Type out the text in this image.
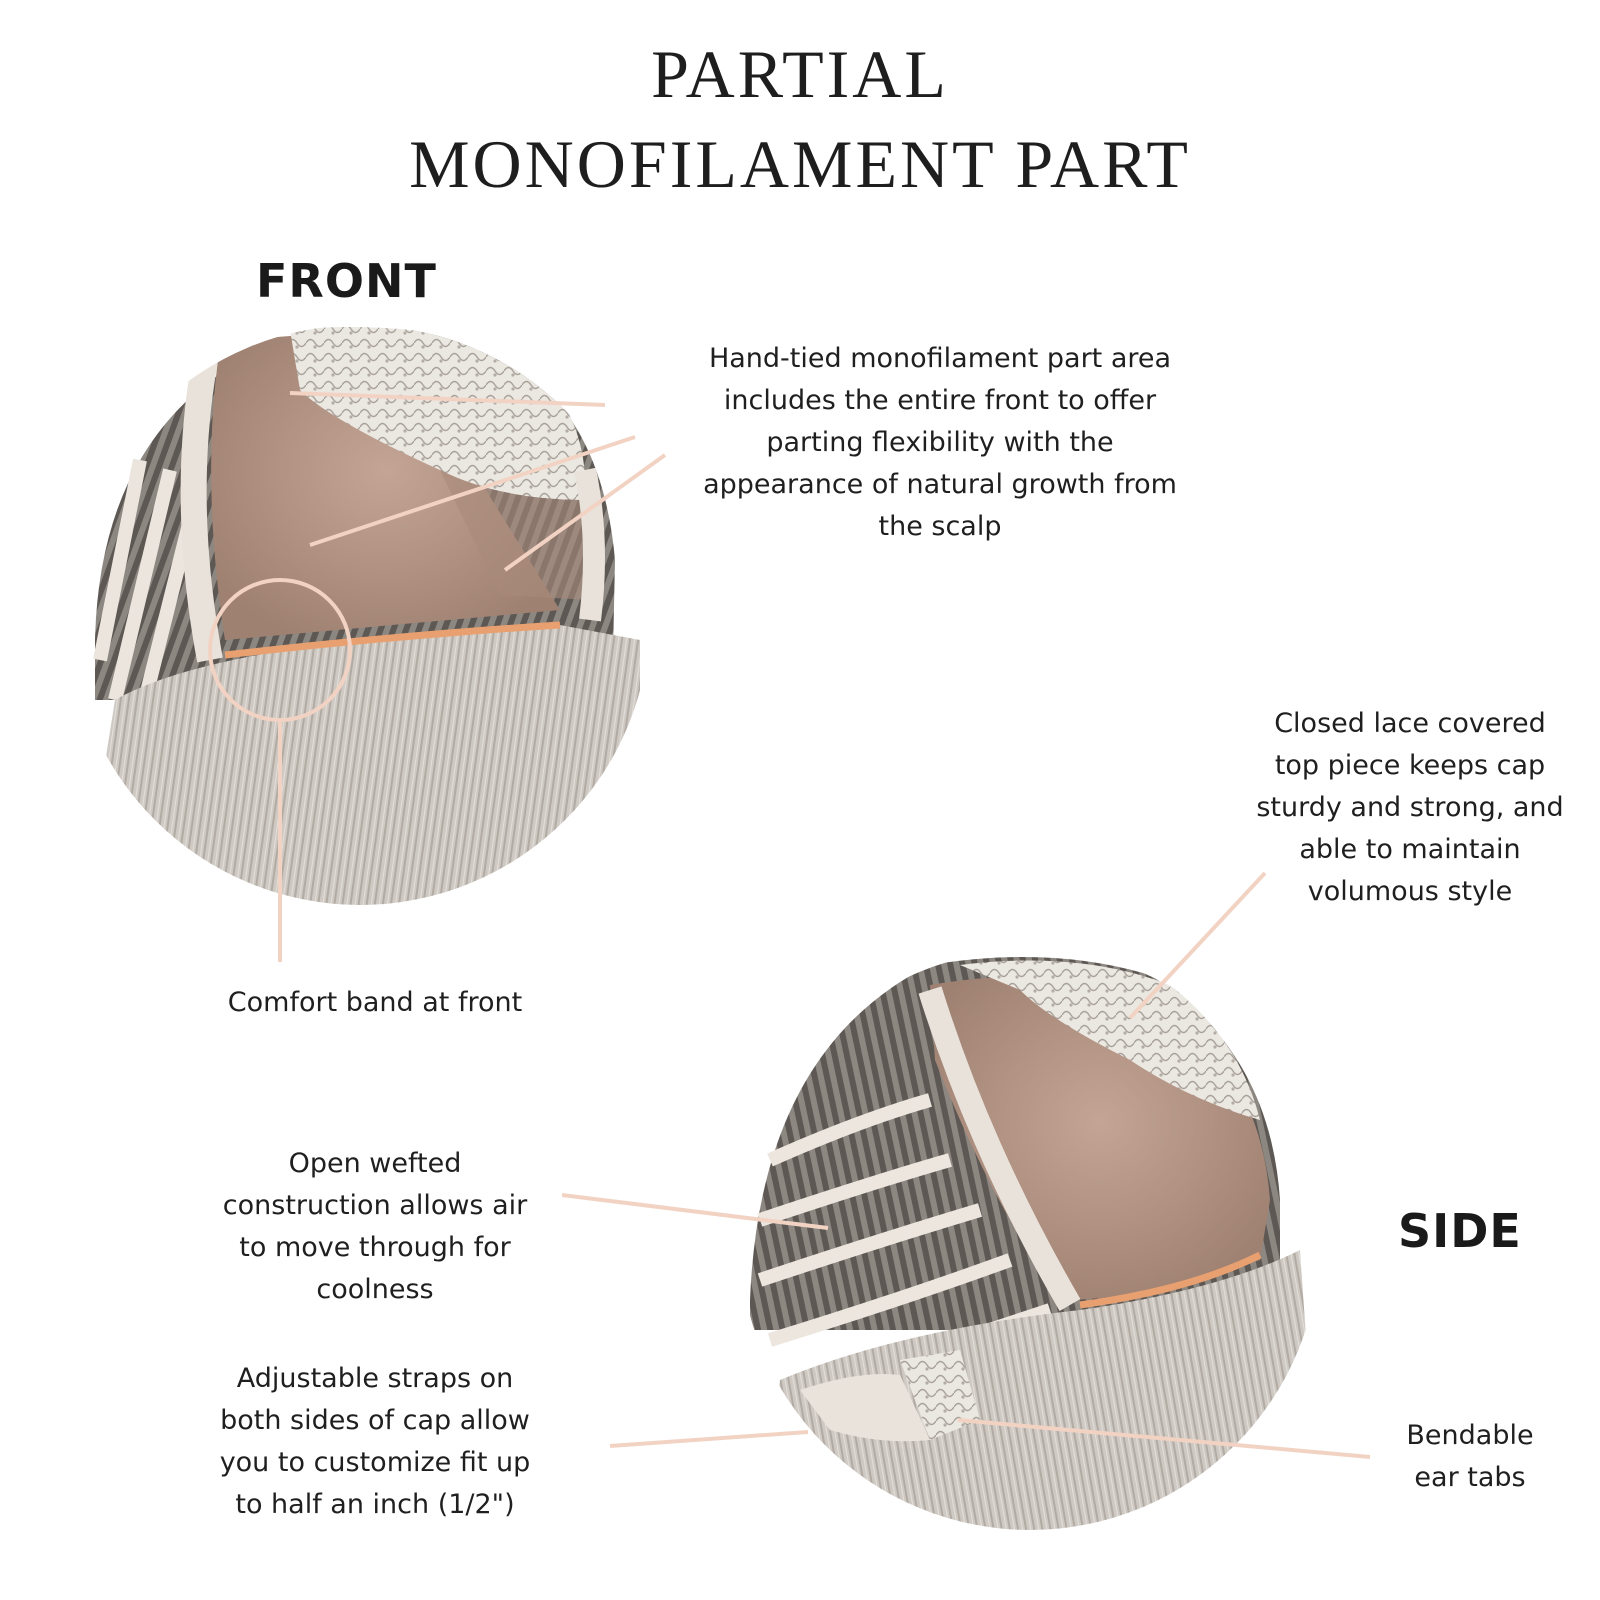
PARTIAL
MONOFILAMENT PART
FRONT
SIDE
Hand-tied monofilament part area
includes the entire front to offer
parting flexibility with the
appearance of natural growth from
the scalp
Comfort band at front
Closed lace covered
top piece keeps cap
sturdy and strong, and
able to maintain
volumous style
Open wefted
construction allows air
to move through for
coolness
Adjustable straps on
both sides of cap allow
you to customize fit up
to half an inch (1/2")
Bendable
ear tabs
